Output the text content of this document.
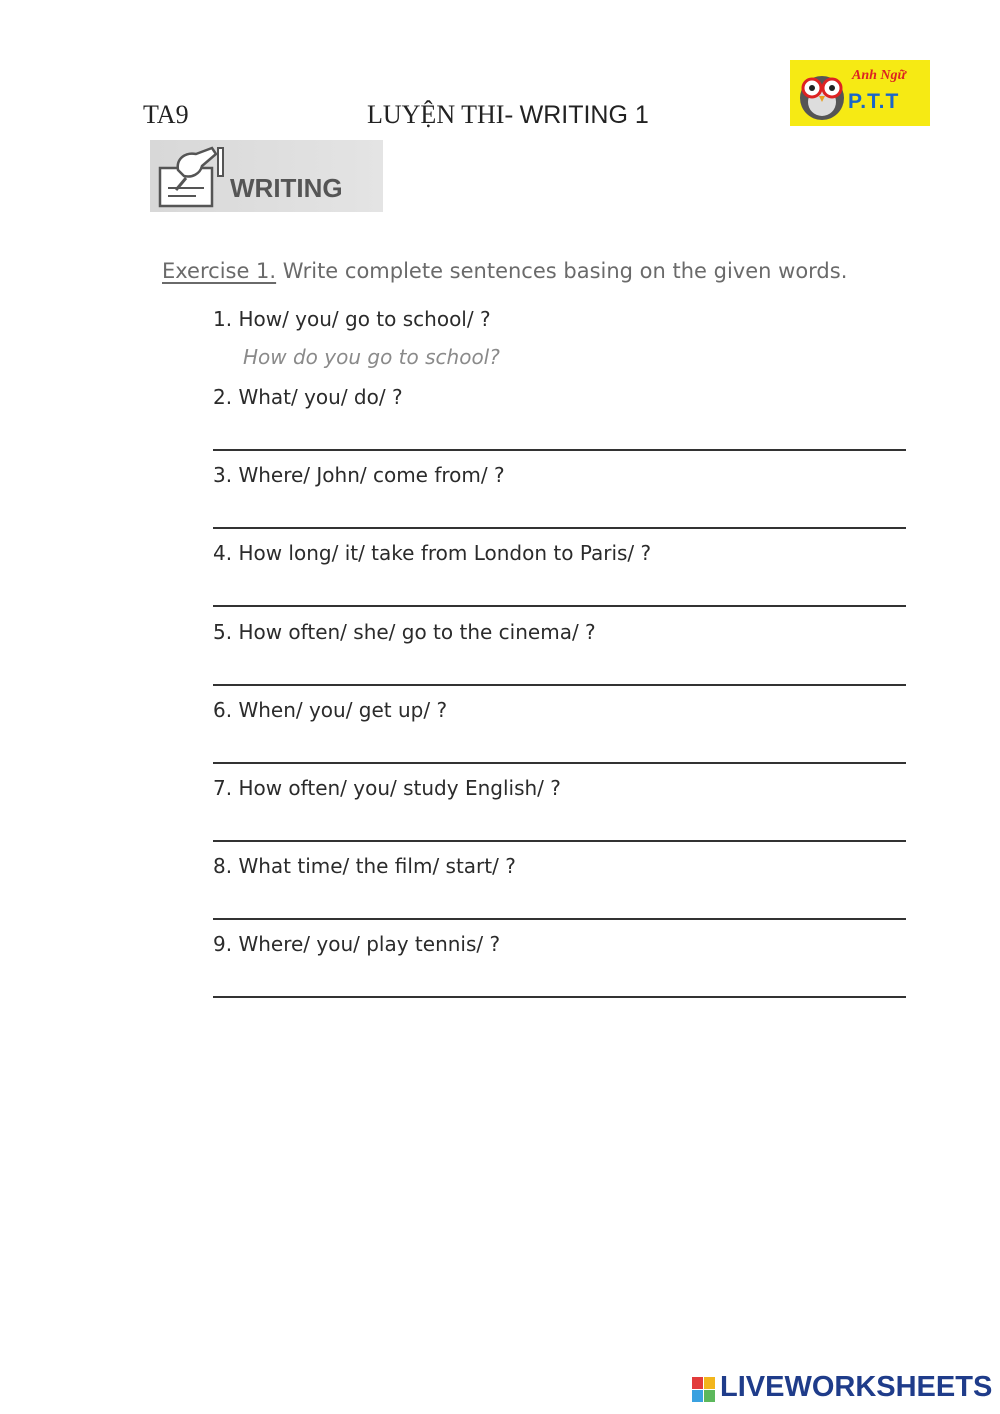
TA9	LUYỆN THI- WRITING 1
Anh Ngữ
P.T.T
WRITING
Exercise 1. Write complete sentences basing on the given words.
1. How/ you/ go to school/ ?
How do you go to school?
2. What/ you/ do/ ?
3. Where/ John/ come from/ ?
4. How long/ it/ take from London to Paris/ ?
5. How often/ she/ go to the cinema/ ?
6. When/ you/ get up/ ?
7. How often/ you/ study English/ ?
8. What time/ the film/ start/ ?
9. Where/ you/ play tennis/ ?
LIVEWORKSHEETS
